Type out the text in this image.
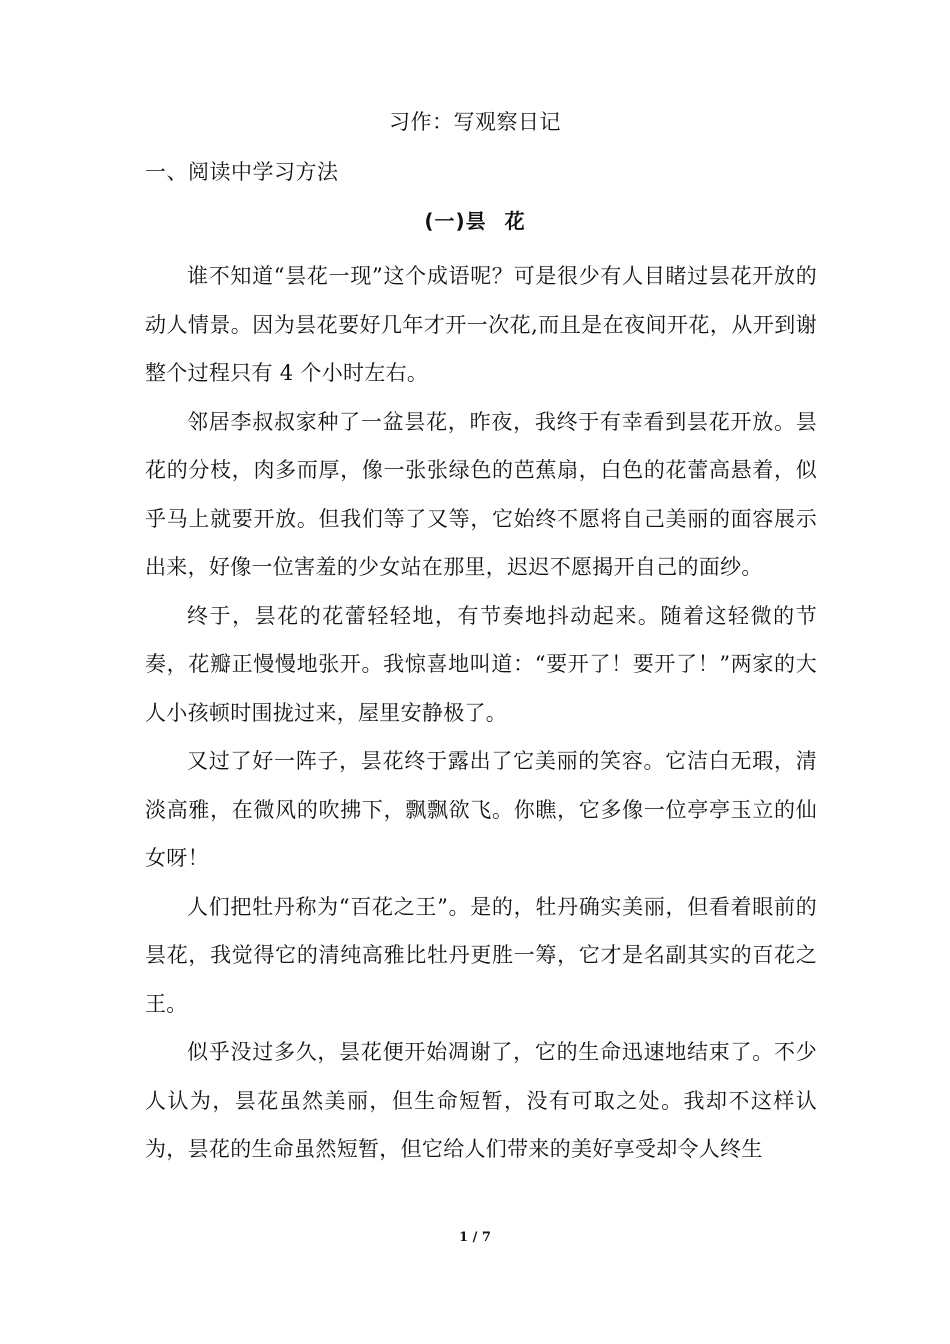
习作：写观察日记
一、阅读中学习方法
(一)昙 花

谁不知道“昙花一现”这个成语呢？可是很少有人目睹过昙花开放的动人情景。因为昙花要好几年才开一次花,而且是在夜间开花，从开到谢整个过程只有 4 个小时左右。

邻居李叔叔家种了一盆昙花，昨夜，我终于有幸看到昙花开放。昙花的分枝，肉多而厚，像一张张绿色的芭蕉扇，白色的花蕾高悬着，似乎马上就要开放。但我们等了又等，它始终不愿将自己美丽的面容展示出来，好像一位害羞的少女站在那里，迟迟不愿揭开自己的面纱。

终于，昙花的花蕾轻轻地，有节奏地抖动起来。随着这轻微的节奏，花瓣正慢慢地张开。我惊喜地叫道：“要开了！要开了！”两家的大人小孩顿时围拢过来，屋里安静极了。

又过了好一阵子，昙花终于露出了它美丽的笑容。它洁白无瑕，清淡高雅，在微风的吹拂下，飘飘欲飞。你瞧，它多像一位亭亭玉立的仙女呀！

人们把牡丹称为“百花之王”。是的，牡丹确实美丽，但看着眼前的昙花，我觉得它的清纯高雅比牡丹更胜一筹，它才是名副其实的百花之王。

似乎没过多久，昙花便开始凋谢了，它的生命迅速地结束了。不少人认为，昙花虽然美丽，但生命短暂，没有可取之处。我却不这样认为，昙花的生命虽然短暂，但它给人们带来的美好享受却令人终生

1 / 7
